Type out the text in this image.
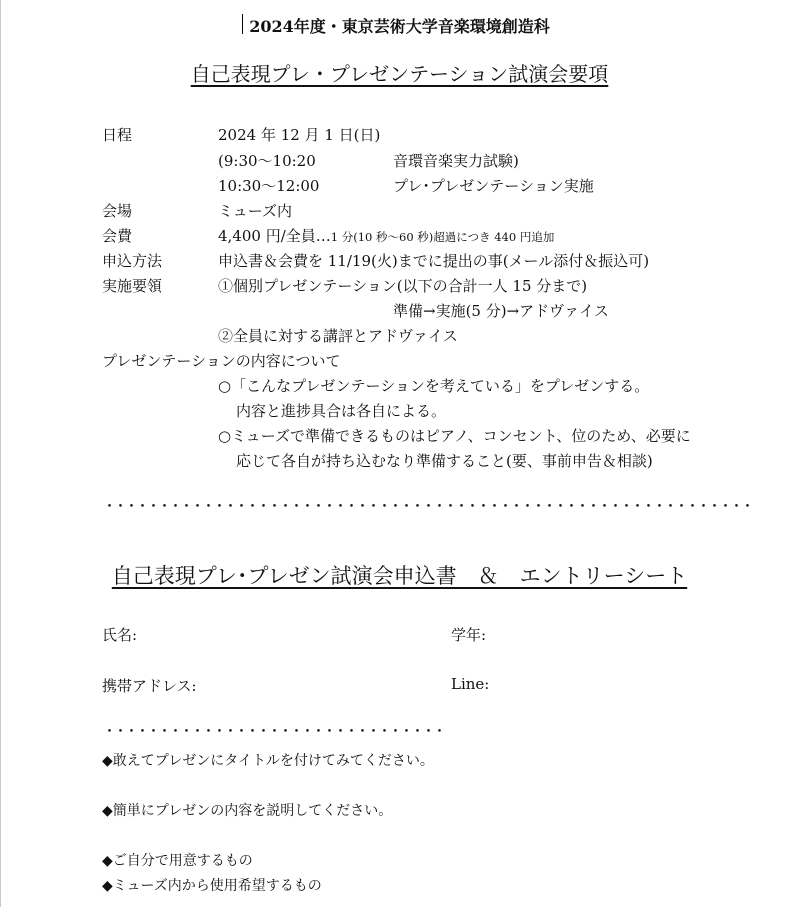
2024年度・東京芸術大学音楽環境創造科
自己表現プレ・プレゼンテーション試演会要項
日程	2024 年 12 月 1 日(日)
(9:30～10:20	音環音楽実力試験)
10:30～12:00	プレ･プレゼンテーション実施
会場	ミューズ内
会費	4,400 円/全員…1 分(10 秒～60 秒)超過につき 440 円追加
申込方法	申込書＆会費を 11/19(火)までに提出の事(メール添付＆振込可)
実施要領	①個別プレゼンテーション(以下の合計一人 15 分まで)
準備→実施(5 分)→アドヴァイス
②全員に対する講評とアドヴァイス
プレゼンテーションの内容について
○「こんなプレゼンテーションを考えている」をプレゼンする。
内容と進捗具合は各自による。
○ミューズで準備できるものはピアノ、コンセント、位のため、必要に
応じて各自が持ち込むなり準備すること(要、事前申告＆相談)
・・・・・・・・・・・・・・・・・・・・・・・・・・・・・・・・・・・・・・・・・・・・・・・・・・・・・・・・・・・
自己表現プレ･プレゼン試演会申込書　＆　エントリーシート
氏名:	学年:
携帯アドレス:	Line:
・・・・・・・・・・・・・・・・・・・・・・・・・・・・・・・
◆敢えてプレゼンにタイトルを付けてみてください。
◆簡単にプレゼンの内容を説明してください。
◆ご自分で用意するもの
◆ミューズ内から使用希望するもの
